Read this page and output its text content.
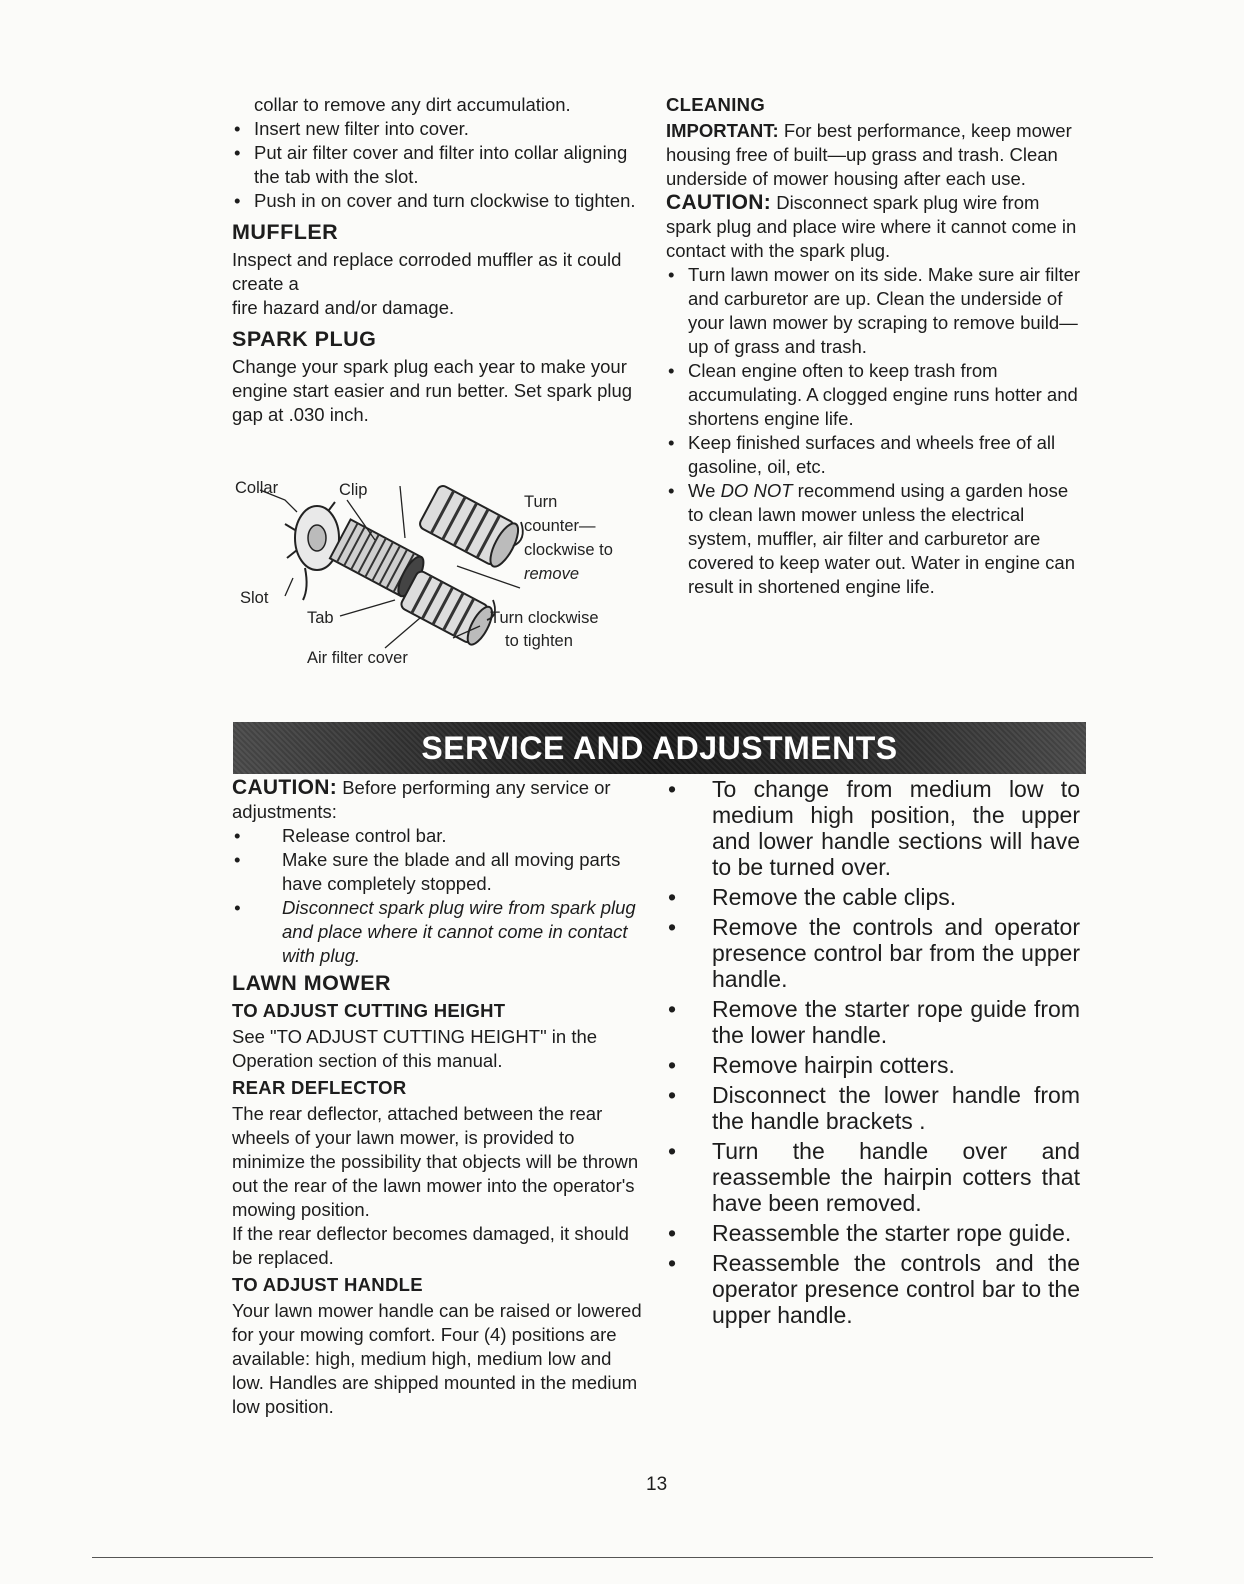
collar to remove any dirt accumulation.

• Insert new filter into cover.
• Put air filter cover and filter into collar aligning the tab with the slot.
• Push in on cover and turn clockwise to tighten.
MUFFLER

Inspect and replace corroded muffler as it could create a

fire hazard and/or damage.

SPARK PLUG

Change your spark plug each year to make your engine start easier and run better. Set spark plug gap at .030 inch.

Collar	Clip
Slot
Tab
Air filter cover
Turn
counter—
clockwise to
remove
Turn clockwise
to tighten
CLEANING

IMPORTANT: For best performance, keep mower housing free of built—up grass and trash. Clean underside of mower housing after each use.

CAUTION: Disconnect spark plug wire from spark plug and place wire where it cannot come in contact with the spark plug.

• Turn lawn mower on its side. Make sure air filter and carburetor are up. Clean the underside of your lawn mower by scraping to remove build—up of grass and trash.
• Clean engine often to keep trash from accumulating. A clogged engine runs hotter and shortens engine life.
• Keep finished surfaces and wheels free of all gasoline, oil, etc.
• We DO NOT recommend using a garden hose to clean lawn mower unless the electrical system, muffler, air filter and carburetor are covered to keep water out. Water in engine can result in shortened engine life.
SERVICE AND ADJUSTMENTS

CAUTION: Before performing any service or adjustments:

• Release control bar.
• Make sure the blade and all moving parts have completely stopped.
• Disconnect spark plug wire from spark plug and place where it cannot come in contact with plug.
LAWN MOWER
TO ADJUST CUTTING HEIGHT

See "TO ADJUST CUTTING HEIGHT" in the Operation section of this manual.

REAR DEFLECTOR

The rear deflector, attached between the rear wheels of your lawn mower, is provided to minimize the possibility that objects will be thrown out the rear of the lawn mower into the operator's mowing position.

If the rear deflector becomes damaged, it should be replaced.

TO ADJUST HANDLE

Your lawn mower handle can be raised or lowered for your mowing comfort. Four (4) positions are available: high, medium high, medium low and low. Handles are shipped mounted in the medium low position.

• To change from medium low to medium high position, the upper and lower handle sections will have to be turned over.
• Remove the cable clips.
• Remove the controls and operator presence control bar from the upper handle.
• Remove the starter rope guide from the lower handle.
• Remove hairpin cotters.
• Disconnect the lower handle from the handle brackets .
• Turn the handle over and reassemble the hairpin cotters that have been removed.
• Reassemble the starter rope guide.
• Reassemble the controls and the operator presence control bar to the upper handle.
13
